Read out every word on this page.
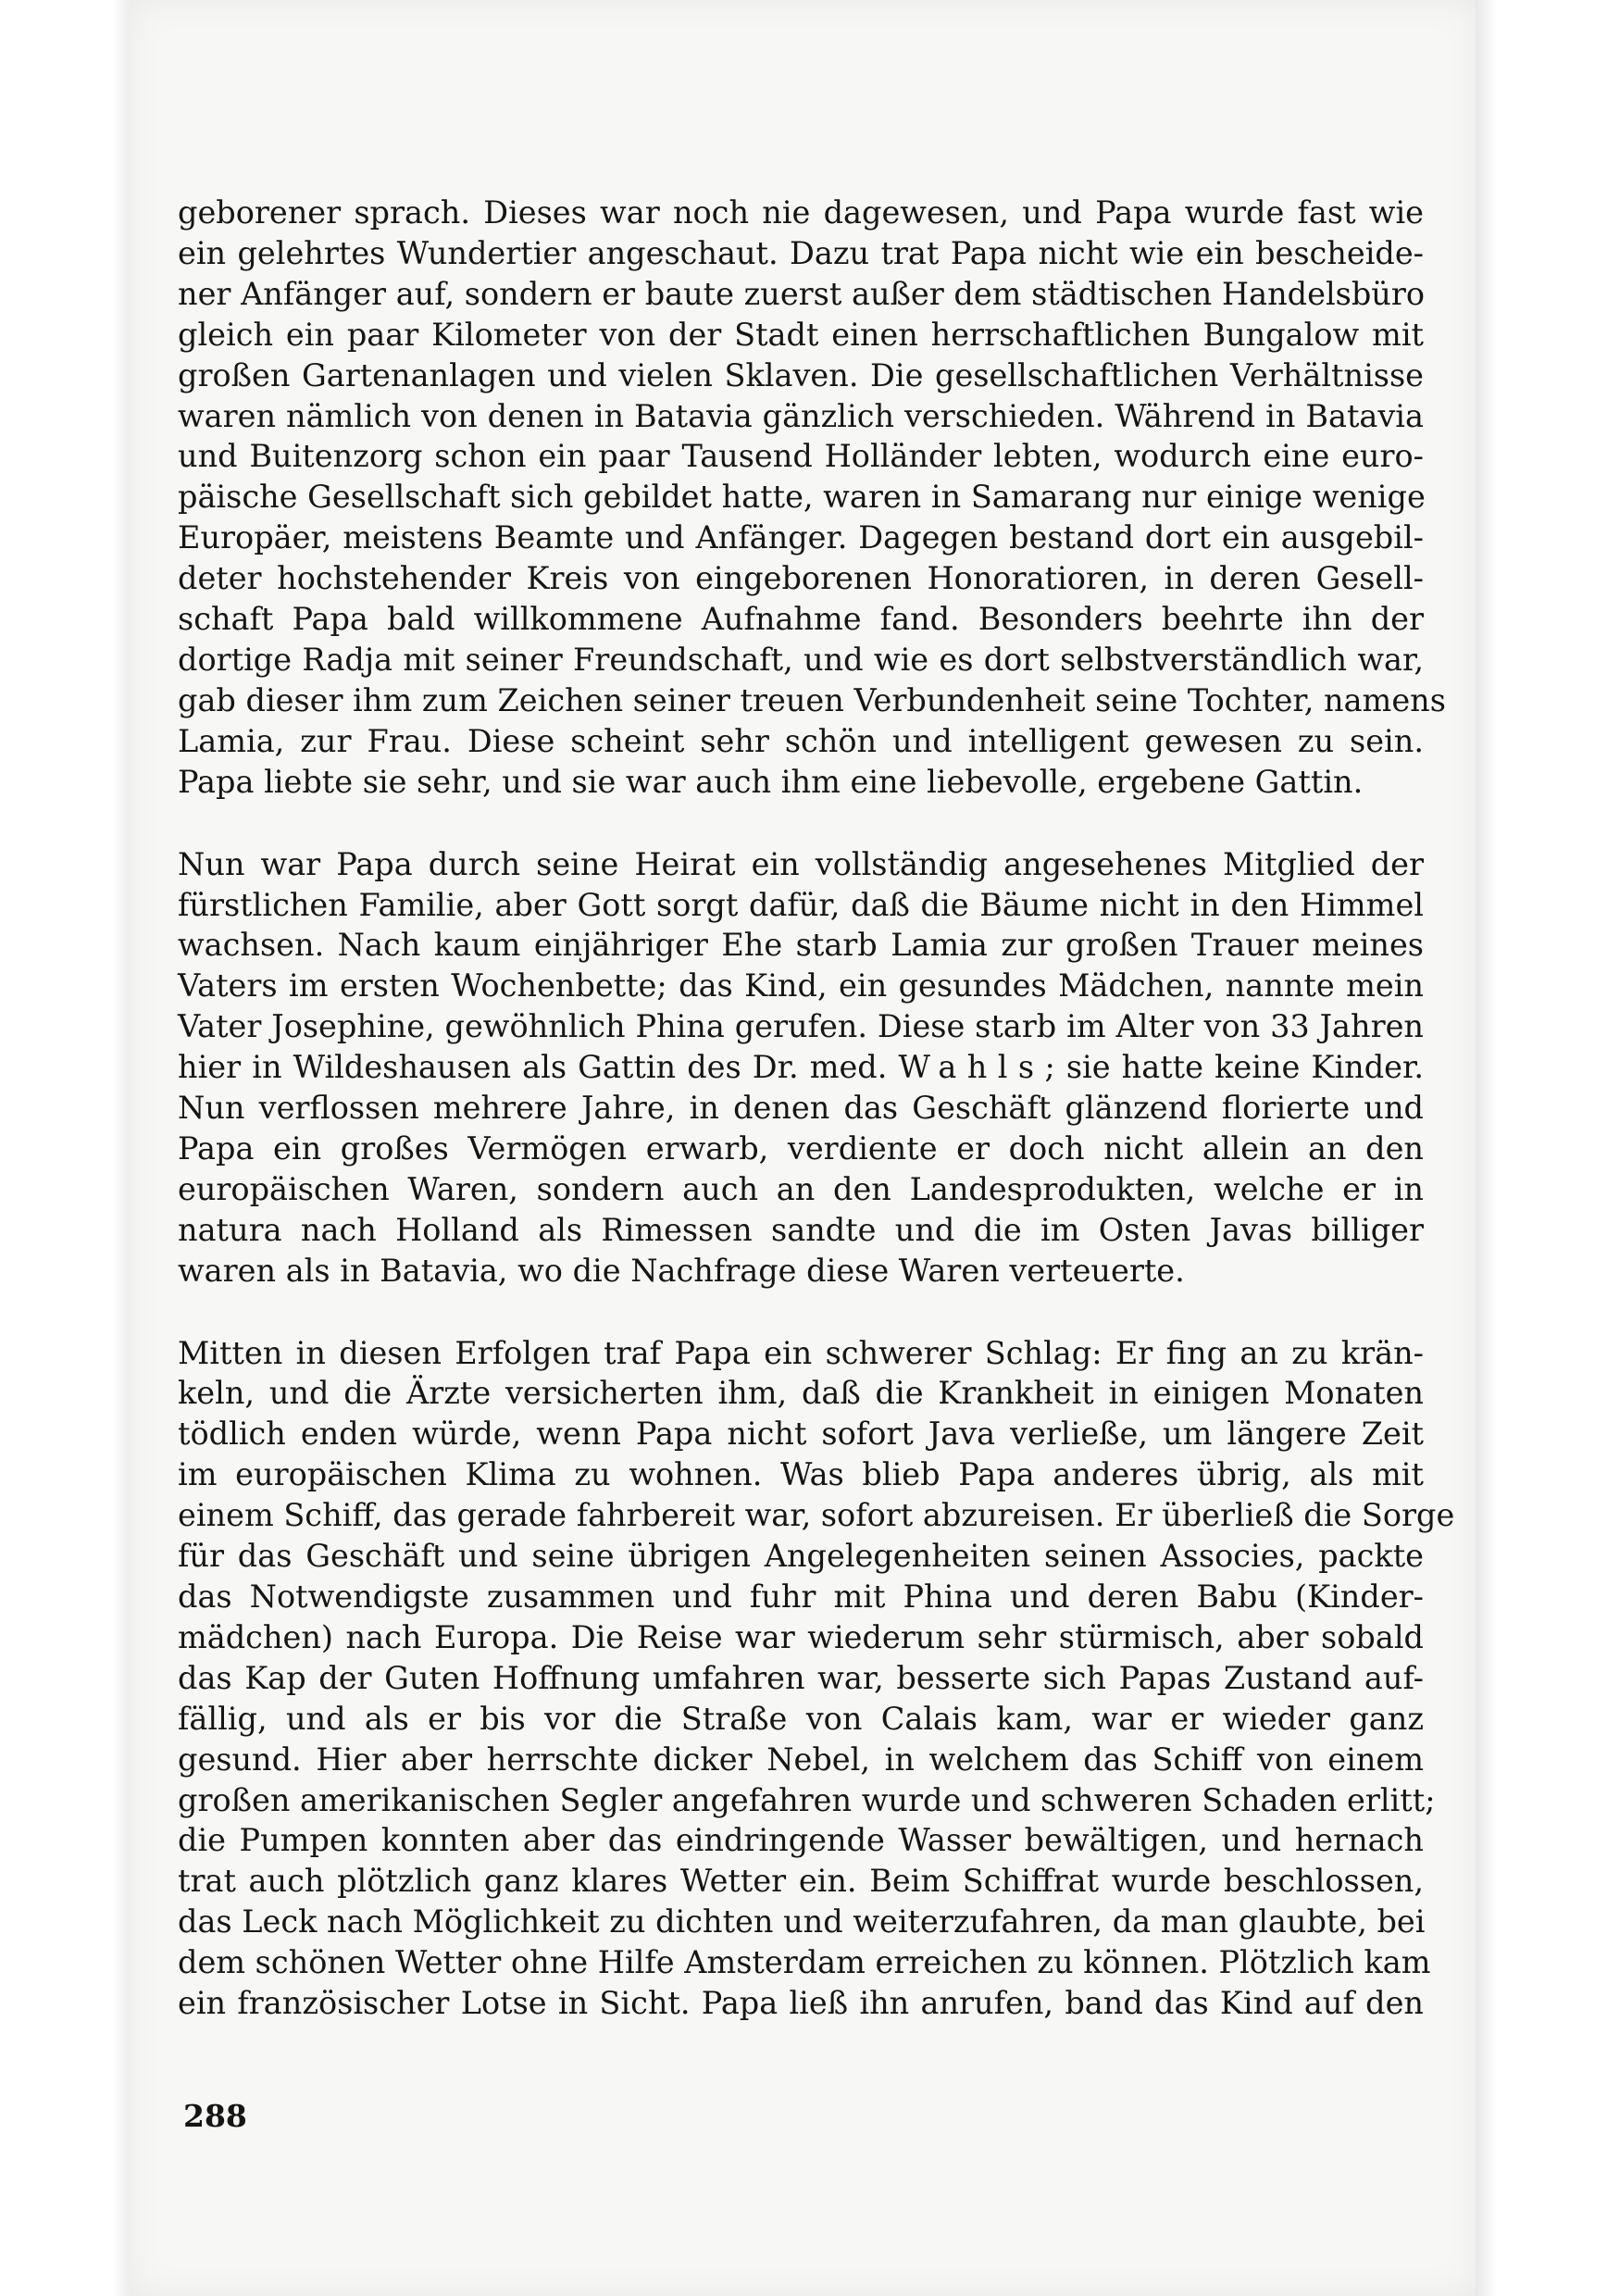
geborener sprach. Dieses war noch nie dagewesen, und Papa wurde fast wie
ein gelehrtes Wundertier angeschaut. Dazu trat Papa nicht wie ein bescheide-
ner Anfänger auf, sondern er baute zuerst außer dem städtischen Handelsbüro
gleich ein paar Kilometer von der Stadt einen herrschaftlichen Bungalow mit
großen Gartenanlagen und vielen Sklaven. Die gesellschaftlichen Verhältnisse
waren nämlich von denen in Batavia gänzlich verschieden. Während in Batavia
und Buitenzorg schon ein paar Tausend Holländer lebten, wodurch eine euro-
päische Gesellschaft sich gebildet hatte, waren in Samarang nur einige wenige
Europäer, meistens Beamte und Anfänger. Dagegen bestand dort ein ausgebil-
deter hochstehender Kreis von eingeborenen Honoratioren, in deren Gesell-
schaft Papa bald willkommene Aufnahme fand. Besonders beehrte ihn der
dortige Radja mit seiner Freundschaft, und wie es dort selbstverständlich war,
gab dieser ihm zum Zeichen seiner treuen Verbundenheit seine Tochter, namens
Lamia, zur Frau. Diese scheint sehr schön und intelligent gewesen zu sein.
Papa liebte sie sehr, und sie war auch ihm eine liebevolle, ergebene Gattin.
Nun war Papa durch seine Heirat ein vollständig angesehenes Mitglied der
fürstlichen Familie, aber Gott sorgt dafür, daß die Bäume nicht in den Himmel
wachsen. Nach kaum einjähriger Ehe starb Lamia zur großen Trauer meines
Vaters im ersten Wochenbette; das Kind, ein gesundes Mädchen, nannte mein
Vater Josephine, gewöhnlich Phina gerufen. Diese starb im Alter von 33 Jahren
hier in Wildeshausen als Gattin des Dr. med. Wahls; sie hatte keine Kinder.
Nun verflossen mehrere Jahre, in denen das Geschäft glänzend florierte und
Papa ein großes Vermögen erwarb, verdiente er doch nicht allein an den
europäischen Waren, sondern auch an den Landesprodukten, welche er in
natura nach Holland als Rimessen sandte und die im Osten Javas billiger
waren als in Batavia, wo die Nachfrage diese Waren verteuerte.
Mitten in diesen Erfolgen traf Papa ein schwerer Schlag: Er fing an zu krän-
keln, und die Ärzte versicherten ihm, daß die Krankheit in einigen Monaten
tödlich enden würde, wenn Papa nicht sofort Java verließe, um längere Zeit
im europäischen Klima zu wohnen. Was blieb Papa anderes übrig, als mit
einem Schiff, das gerade fahrbereit war, sofort abzureisen. Er überließ die Sorge
für das Geschäft und seine übrigen Angelegenheiten seinen Associes, packte
das Notwendigste zusammen und fuhr mit Phina und deren Babu (Kinder-
mädchen) nach Europa. Die Reise war wiederum sehr stürmisch, aber sobald
das Kap der Guten Hoffnung umfahren war, besserte sich Papas Zustand auf-
fällig, und als er bis vor die Straße von Calais kam, war er wieder ganz
gesund. Hier aber herrschte dicker Nebel, in welchem das Schiff von einem
großen amerikanischen Segler angefahren wurde und schweren Schaden erlitt;
die Pumpen konnten aber das eindringende Wasser bewältigen, und hernach
trat auch plötzlich ganz klares Wetter ein. Beim Schiffrat wurde beschlossen,
das Leck nach Möglichkeit zu dichten und weiterzufahren, da man glaubte, bei
dem schönen Wetter ohne Hilfe Amsterdam erreichen zu können. Plötzlich kam
ein französischer Lotse in Sicht. Papa ließ ihn anrufen, band das Kind auf den
288
